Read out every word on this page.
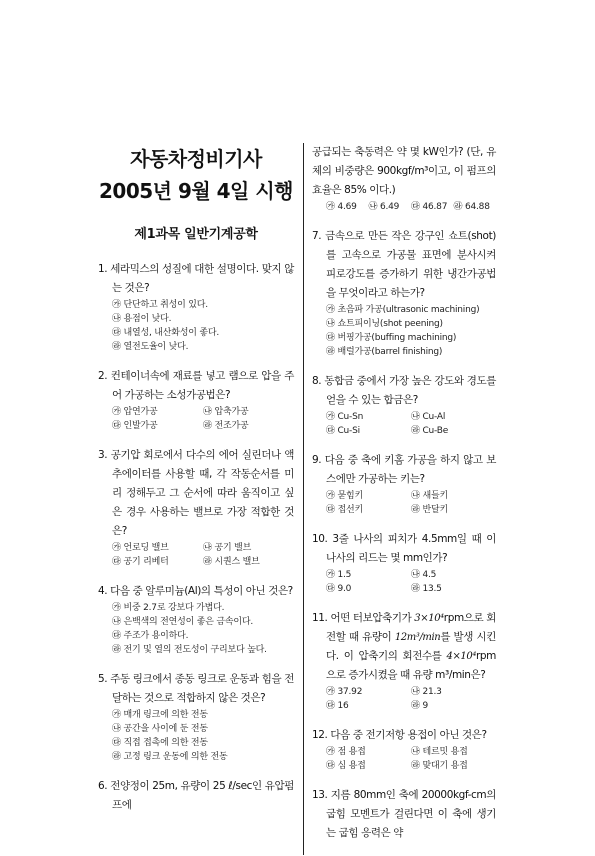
자동차정비기사
2005년 9월 4일 시행
제1과목 일반기계공학
1. 세라믹스의 성질에 대한 설명이다. 맞지 않는 것은?
㉮ 단단하고 취성이 있다.
㉯ 용점이 낮다.
㉰ 내열성, 내산화성이 좋다.
㉱ 열전도율이 낮다.
2. 컨테이너속에 재료를 넣고 램으로 압을 주어 가공하는 소성가공법은?
㉮ 압연가공	㉯ 압축가공
㉰ 인발가공	㉱ 전조가공
3. 공기압 회로에서 다수의 에어 실린더나 액추에이터를 사용할 때, 각 작동순서를 미리 정해두고 그 순서에 따라 움직이고 싶은 경우 사용하는 밸브로 가장 적합한 것은?
㉮ 언로딩 밸브	㉯ 공기 밸브
㉰ 공기 리베터	㉱ 시퀀스 밸브
4. 다음 중 알루미늄(Al)의 특성이 아닌 것은?
㉮ 비중 2.7로 강보다 가볍다.
㉯ 은백색의 전연성이 좋은 금속이다.
㉰ 주조가 용이하다.
㉱ 전기 및 열의 전도성이 구리보다 높다.
5. 주동 링크에서 종동 링크로 운동과 힘을 전달하는 것으로 적합하지 않은 것은?
㉮ 매개 링크에 의한 전동
㉯ 공간을 사이에 둔 전동
㉰ 직접 접촉에 의한 전동
㉱ 고정 링크 운동에 의한 전동
6. 전양정이 25m, 유량이 25 ℓ/sec인 유압펌프에
공급되는 축동력은 약 몇 kW인가? (단, 유체의 비중량은 900kgf/m³이고, 이 펌프의 효율은 85% 이다.)
㉮ 4.69	㉯ 6.49	㉰ 46.87 ㉱ 64.88
7. 금속으로 만든 작은 강구인 쇼트(shot)를 고속으로 가공물 표면에 분사시켜 피로강도를 증가하기 위한 냉간가공법을 무엇이라고 하는가?
㉮ 초음파 가공(ultrasonic machining)
㉯ 쇼트피이닝(shot peening)
㉰ 버핑가공(buffing machining)
㉱ 배럴가공(barrel finishing)
8. 동합금 중에서 가장 높은 강도와 경도를 얻을 수 있는 합금은?
㉮ Cu-Sn	㉯ Cu-Al
㉰ Cu-Si	㉱ Cu-Be
9. 다음 중 축에 키홈 가공을 하지 않고 보스에만 가공하는 키는?
㉮ 묻힘키	㉯ 새들키
㉰ 접선키	㉱ 반달키
10. 3줄 나사의 피치가 4.5mm일 때 이 나사의 리드는 몇 mm인가?
㉮ 1.5	㉯ 4.5
㉰ 9.0	㉱ 13.5
11. 어떤 터보압축기가 3×10⁴rpm으로 회전할 때 유량이 12m³/min를 발생 시킨다. 이 압축기의 회전수를 4×10⁴rpm으로 증가시켰을 때 유량 m³/min은?
㉮ 37.92	㉯ 21.3
㉰ 16	㉱ 9
12. 다음 중 전기저항 용접이 아닌 것은?
㉮ 점 용접	㉯ 테르밋 용접
㉰ 심 용접	㉱ 맞대기 용접
13. 지름 80mm인 축에 20000kgf-cm의 굽힘 모멘트가 걸린다면 이 축에 생기는 굽힘 응력은 약
